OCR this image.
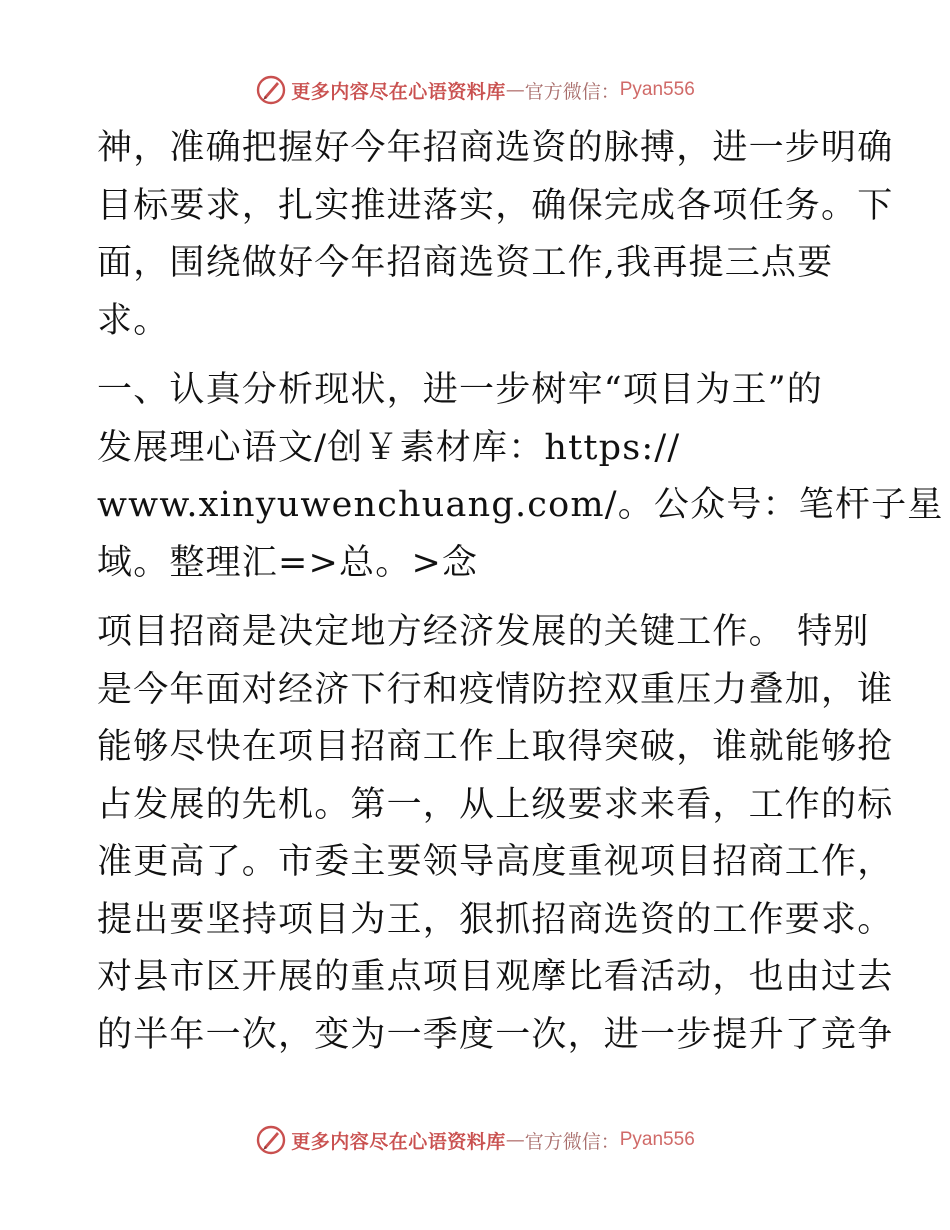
更多内容尽在心语资料库 — 官方微信： Pyan556

神，准确把握好今年招商选资的脉搏，进一步明确
目标要求，扎实推进落实，确保完成各项任务。下
面，围绕做好今年招商选资工作,我再提三点要
求。

一、认真分析现状，进一步树牢“项目为王”的
发展理心语文/创￥素材库：https://
www.xinyuwenchuang.com/。公众号：笔杆子星
域。整理汇=>总。>念

项目招商是决定地方经济发展的关键工作。 特别
是今年面对经济下行和疫情防控双重压力叠加，谁
能够尽快在项目招商工作上取得突破，谁就能够抢
占发展的先机。第一，从上级要求来看，工作的标
准更高了。市委主要领导高度重视项目招商工作，
提出要坚持项目为王，狠抓招商选资的工作要求。
对县市区开展的重点项目观摩比看活动，也由过去
的半年一次，变为一季度一次，进一步提升了竞争

更多内容尽在心语资料库 — 官方微信： Pyan556
